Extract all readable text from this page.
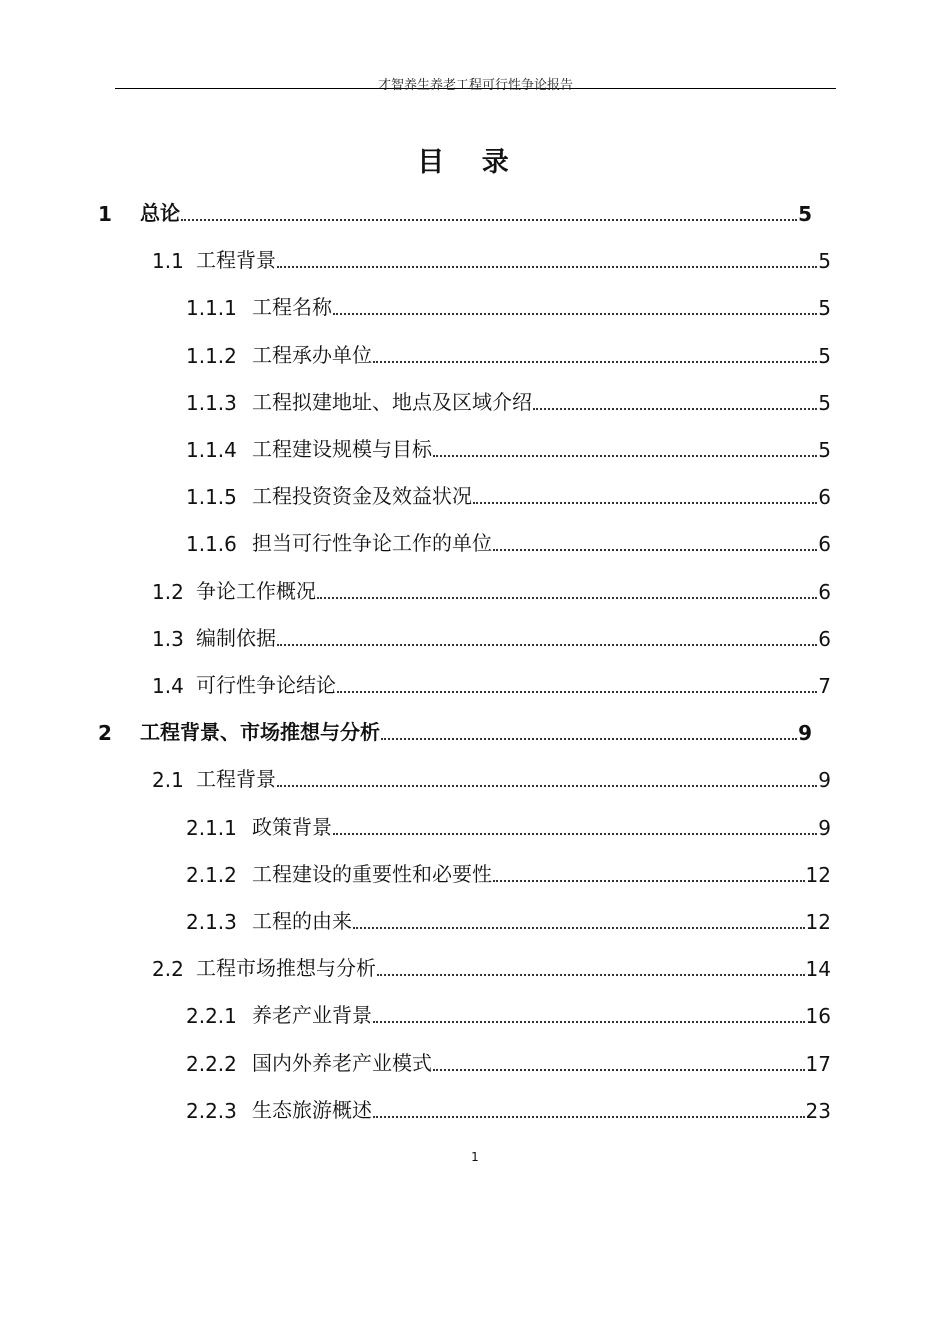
才智养生养老工程可行性争论报告
目 录
1	总论	5
1.1 工程背景	5
1.1.1 工程名称	5
1.1.2 工程承办单位	5
1.1.3 工程拟建地址、地点及区域介绍	5
1.1.4 工程建设规模与目标	5
1.1.5 工程投资资金及效益状况	6
1.1.6 担当可行性争论工作的单位	6
1.2 争论工作概况	6
1.3 编制依据	6
1.4 可行性争论结论	7
2	工程背景、市场推想与分析	9
2.1 工程背景	9
2.1.1 政策背景	9
2.1.2 工程建设的重要性和必要性	12
2.1.3 工程的由来	12
2.2 工程市场推想与分析	14
2.2.1 养老产业背景	16
2.2.2 国内外养老产业模式	17
2.2.3 生态旅游概述	23
1
